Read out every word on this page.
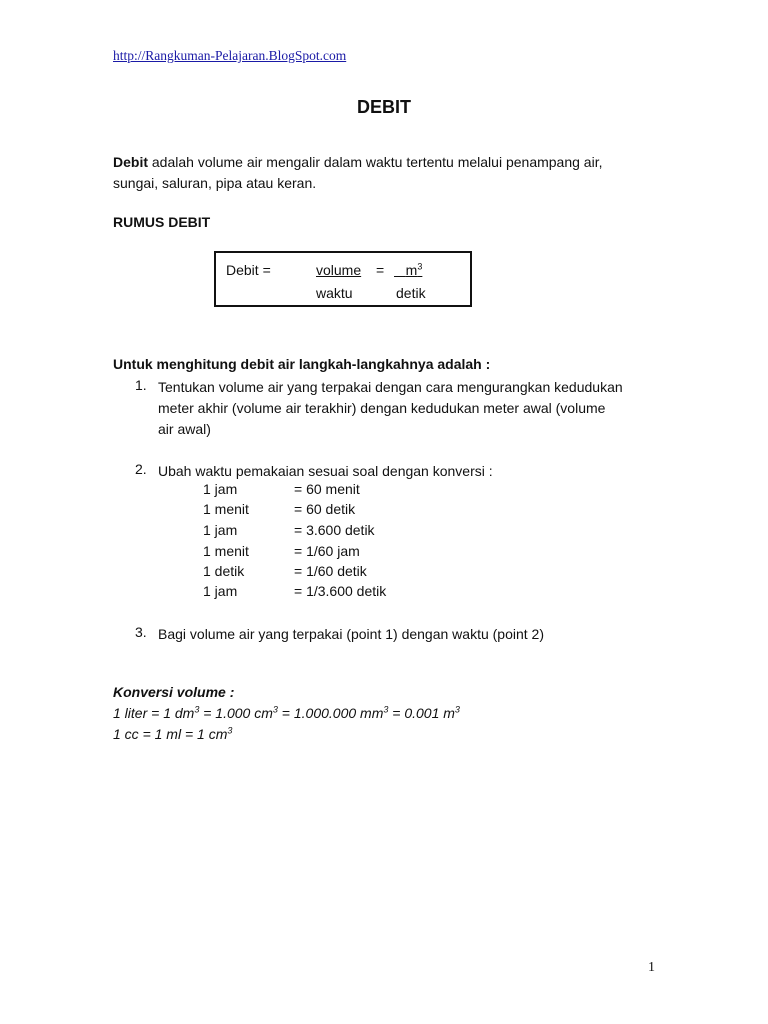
http://Rangkuman-Pelajaran.BlogSpot.com
DEBIT
Debit adalah volume air mengalir dalam waktu tertentu melalui penampang air,
sungai, saluran, pipa atau keran.
RUMUS DEBIT
Debit =	volume =	$m^3$
waktu	detik
Untuk menghitung debit air langkah-langkahnya adalah :
1. Tentukan volume air yang terpakai dengan cara mengurangkan kedudukan
meter akhir (volume air terakhir) dengan kedudukan meter awal (volume
air awal)
2. Ubah waktu pemakaian sesuai soal dengan konversi :
1 jam	= 60 menit
1 menit	= 60 detik
1 jam	= 3.600 detik
1 menit	= 1/60 jam
1 detik	= 1/60 detik
1 jam	= 1/3.600 detik
3. Bagi volume air yang terpakai (point 1) dengan waktu (point 2)
Konversi volume :
1 liter = 1 $dm^3 = 1.000$ $cm^3 = 1.000.000$ $mm^3 = 0.001$ $m^3$
1 cc = 1 ml = 1 $cm^3$
1
